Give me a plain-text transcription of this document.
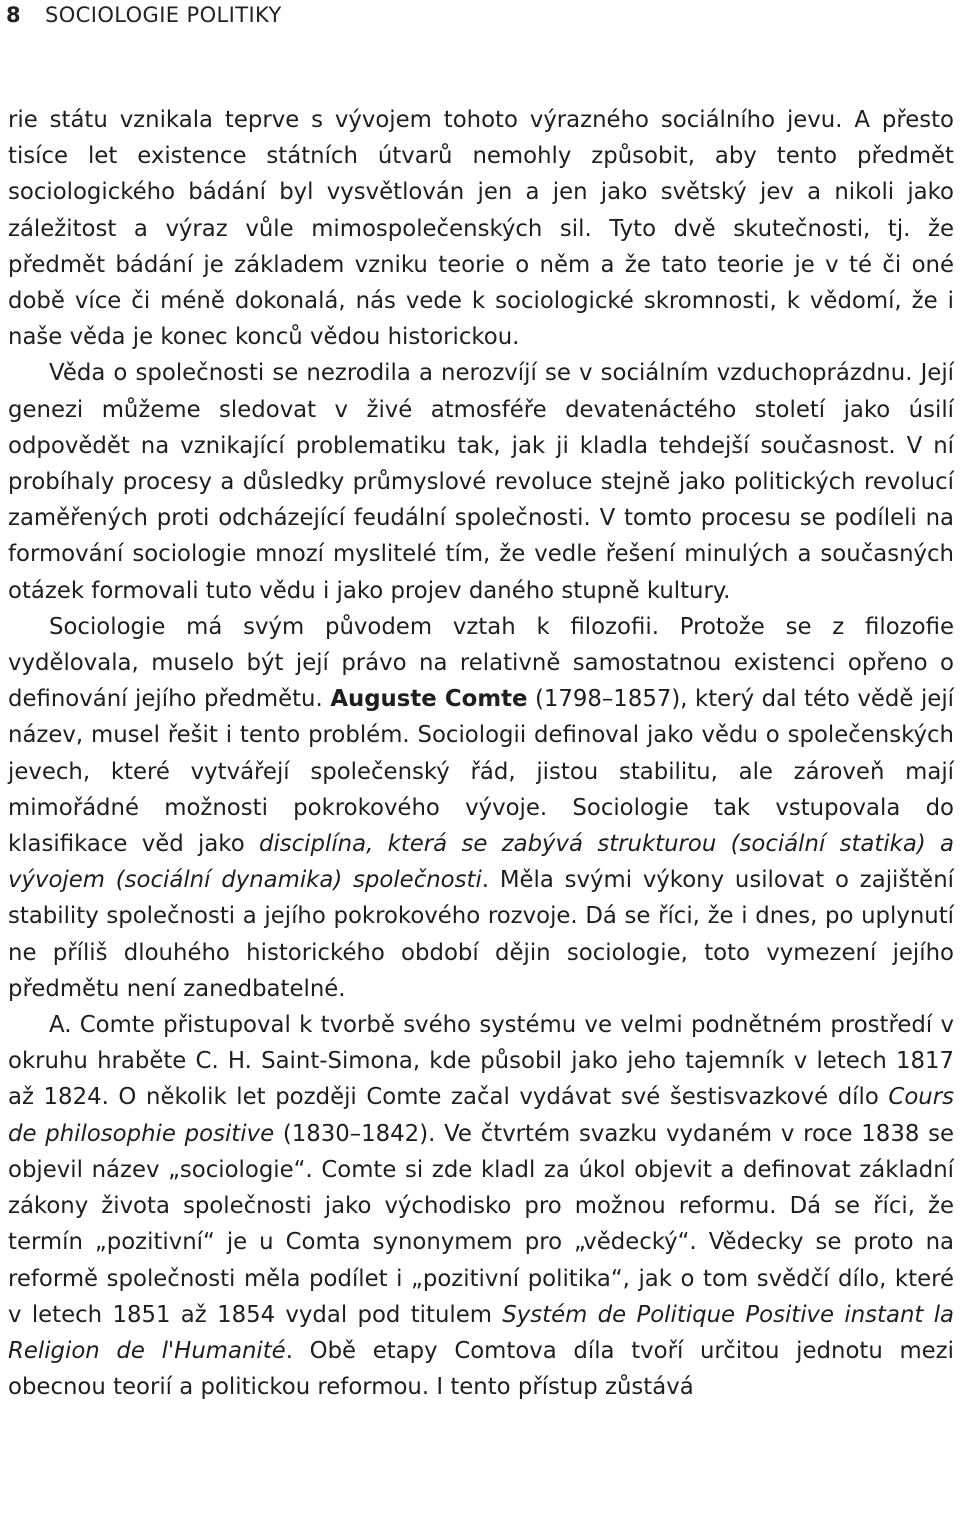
8 SOCIOLOGIE POLITIKY

rie státu vznikala teprve s vývojem tohoto výrazného sociálního jevu. A přesto tisíce let existence státních útvarů nemohly způsobit, aby tento předmět sociologického bádání byl vysvětlován jen a jen jako světský jev a nikoli jako záležitost a výraz vůle mimospolečenských sil. Tyto dvě skutečnosti, tj. že předmět bádání je základem vzniku teorie o něm a že tato teorie je v té či oné době více či méně dokonalá, nás vede k sociologické skromnosti, k vědomí, že i naše věda je konec konců vědou historickou.

Věda o společnosti se nezrodila a nerozvíjí se v sociálním vzduchoprázdnu. Její genezi můžeme sledovat v živé atmosféře devatenáctého století jako úsilí odpovědět na vznikající problematiku tak, jak ji kladla tehdejší současnost. V ní probíhaly procesy a důsledky průmyslové revoluce stejně jako politických revolucí zaměřených proti odcházející feudální společnosti. V tomto procesu se podíleli na formování sociologie mnozí myslitelé tím, že vedle řešení minulých a současných otázek formovali tuto vědu i jako projev daného stupně kultury.

Sociologie má svým původem vztah k filozofii. Protože se z filozofie vydělovala, muselo být její právo na relativně samostatnou existenci opřeno o definování jejího předmětu. Auguste Comte (1798–1857), který dal této vědě její název, musel řešit i tento problém. Sociologii definoval jako vědu o společenských jevech, které vytvářejí společenský řád, jistou stabilitu, ale zároveň mají mimořádné možnosti pokrokového vývoje. Sociologie tak vstupovala do klasifikace věd jako disciplína, která se zabývá strukturou (sociální statika) a vývojem (sociální dynamika) společnosti. Měla svými výkony usilovat o zajištění stability společnosti a jejího pokrokového rozvoje. Dá se říci, že i dnes, po uplynutí ne příliš dlouhého historického období dějin sociologie, toto vymezení jejího předmětu není zanedbatelné.

A. Comte přistupoval k tvorbě svého systému ve velmi podnětném prostředí v okruhu hraběte C. H. Saint-Simona, kde působil jako jeho tajemník v letech 1817 až 1824. O několik let později Comte začal vydávat své šestisvazkové dílo Cours de philosophie positive (1830–1842). Ve čtvrtém svazku vydaném v roce 1838 se objevil název „sociologie“. Comte si zde kladl za úkol objevit a definovat základní zákony života společnosti jako východisko pro možnou reformu. Dá se říci, že termín „pozitivní“ je u Comta synonymem pro „vědecký“. Vědecky se proto na reformě společnosti měla podílet i „pozitivní politika“, jak o tom svědčí dílo, které v letech 1851 až 1854 vydal pod titulem Systém de Politique Positive instant la Religion de l'Humanité. Obě etapy Comtova díla tvoří určitou jednotu mezi obecnou teorií a politickou reformou. I tento přístup zůstává
